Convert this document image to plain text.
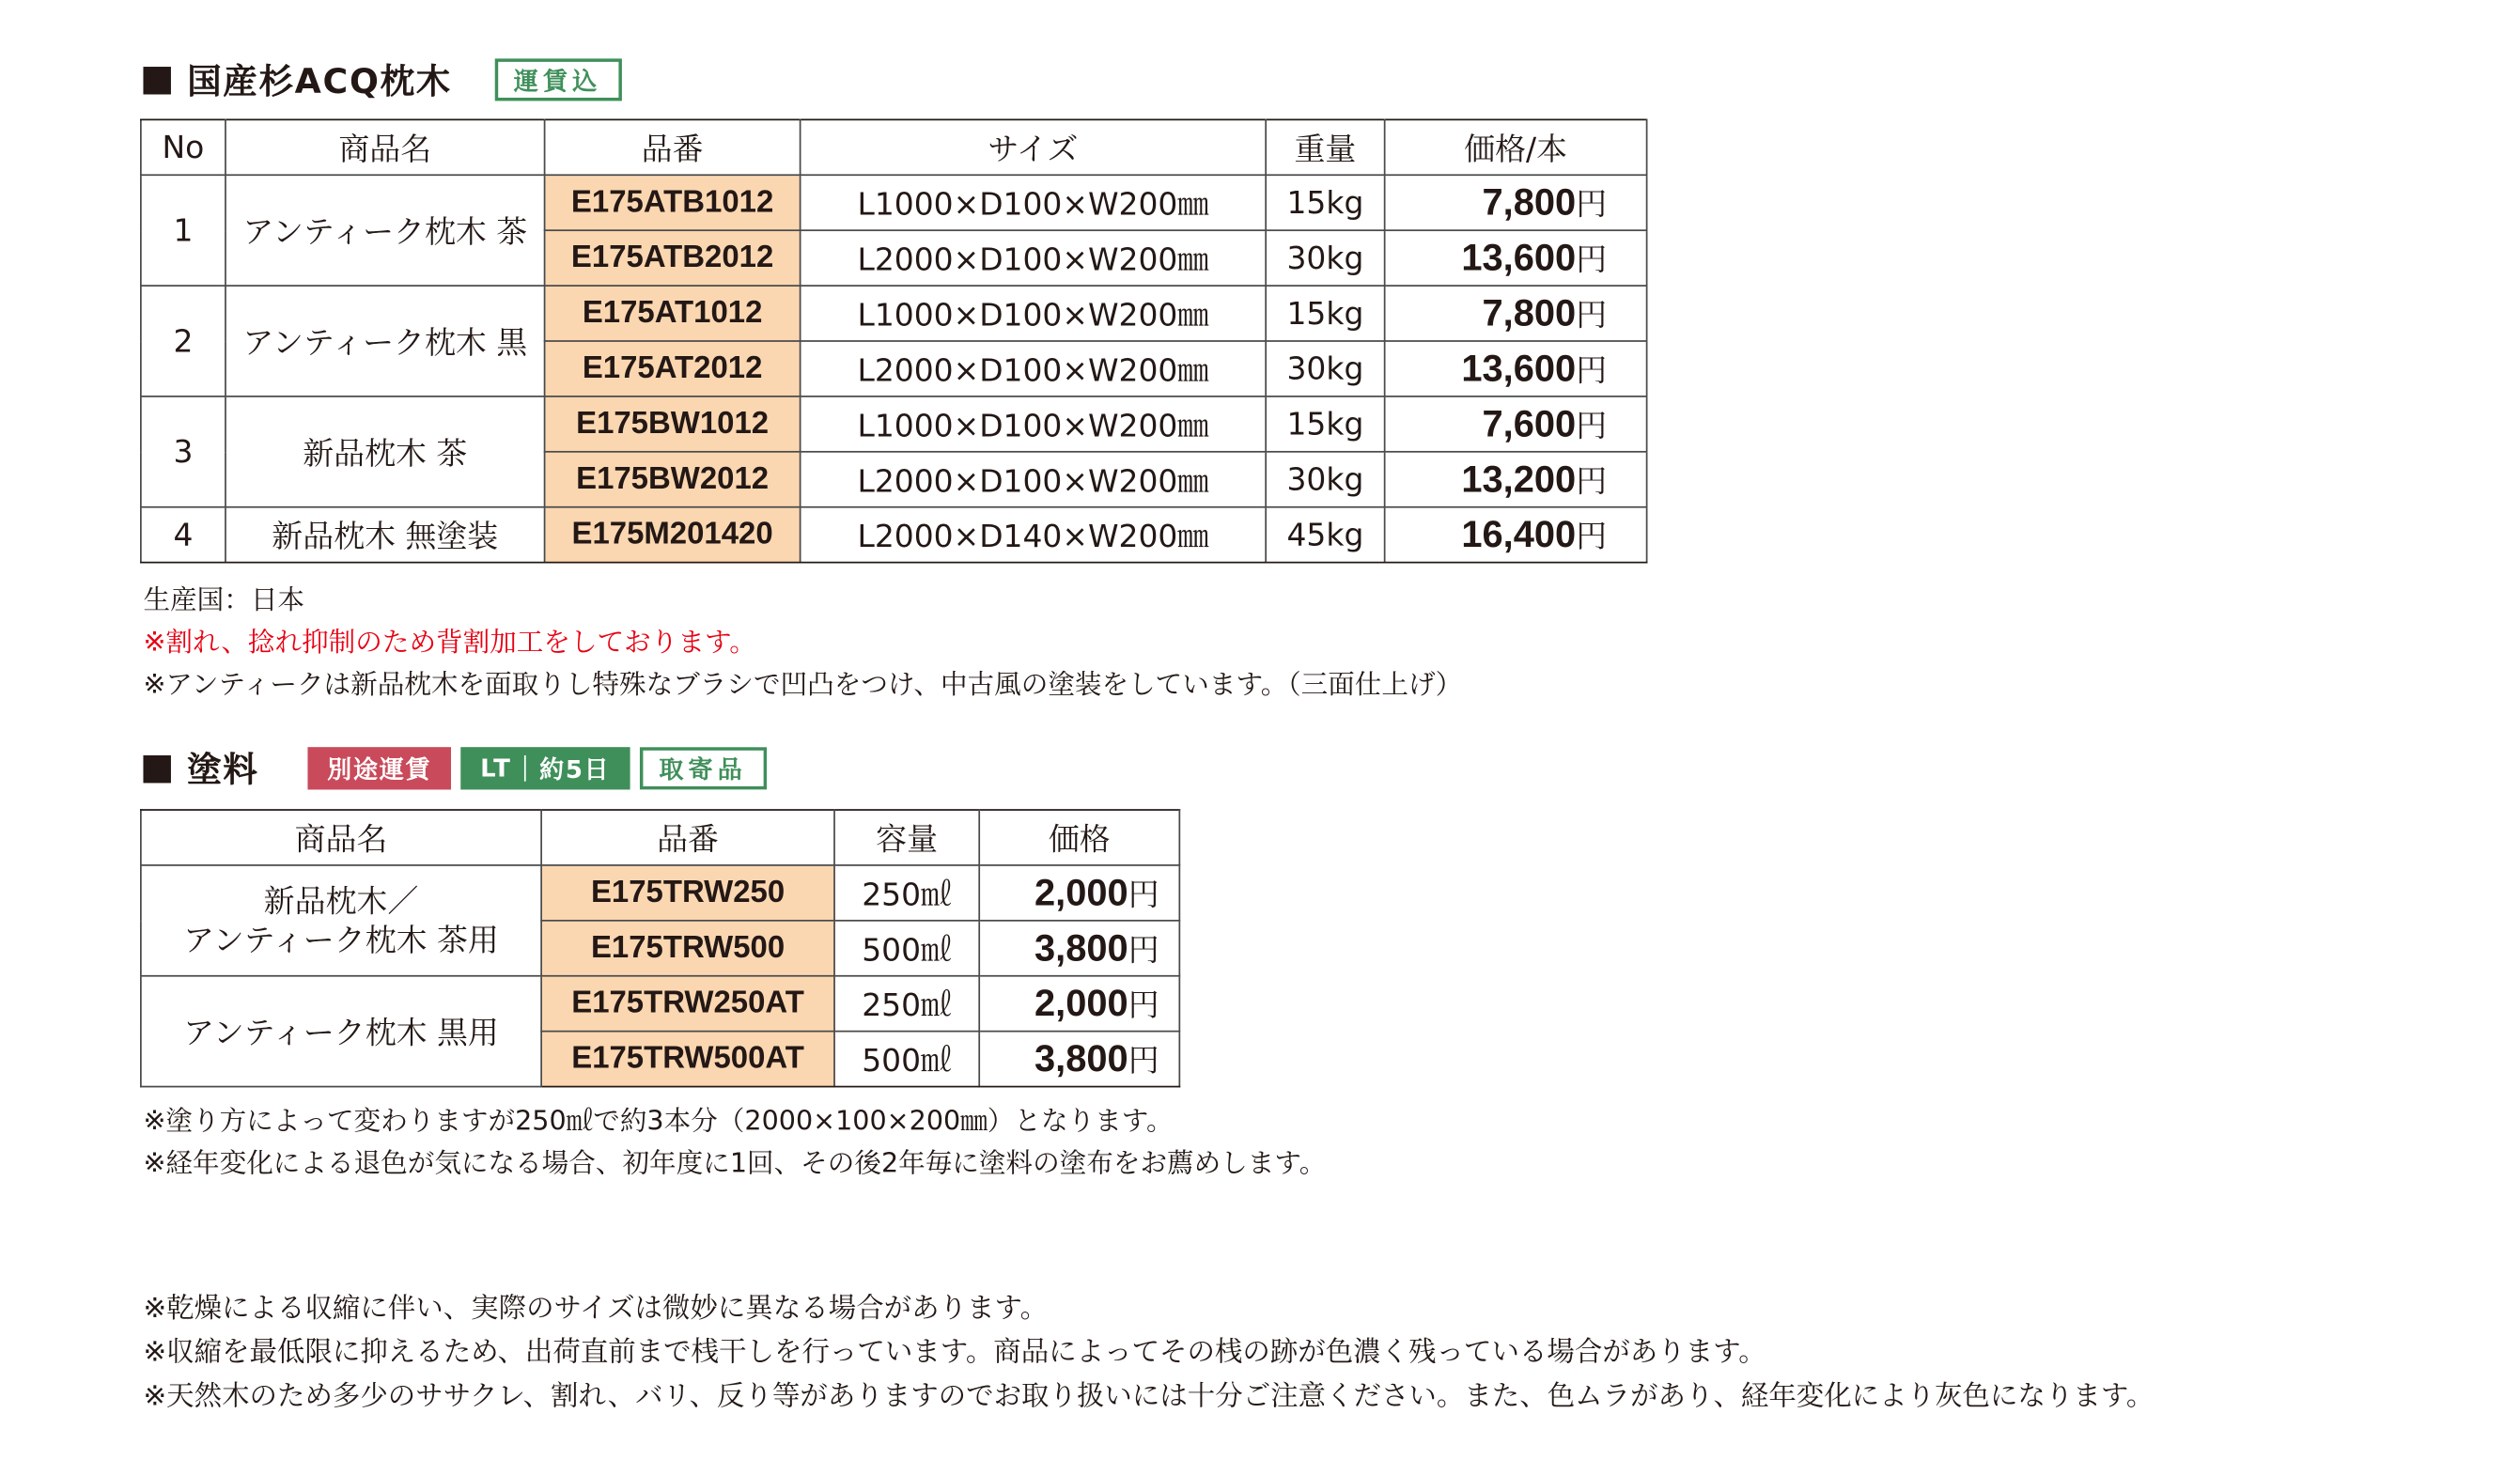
国産杉ACQ枕木	運賃込
No	商品名	品番	サイズ	重量	価格/本
1	アンティーク枕木 茶	E175ATB1012	L1000×D100×W200㎜	15kg	7,800円
		E175ATB2012	L2000×D100×W200㎜	30kg	13,600円
2	アンティーク枕木 黒	E175AT1012	L1000×D100×W200㎜	15kg	7,800円
		E175AT2012	L2000×D100×W200㎜	30kg	13,600円
3	新品枕木 茶	E175BW1012	L1000×D100×W200㎜	15kg	7,600円
		E175BW2012	L2000×D100×W200㎜	30kg	13,200円
4	新品枕木 無塗装	E175M201420	L2000×D140×W200㎜	45kg	16,400円
生産国：日本
※割れ、捻れ抑制のため背割加工をしております。
※アンティークは新品枕木を面取りし特殊なブラシで凹凸をつけ、中古風の塗装をしています。（三面仕上げ）
塗料	別途運賃	LT 約5日	取寄品
商品名	品番	容量	価格

新品枕木／
アンティーク枕木 茶用	E175TRW250	250㎖	2,000円
	E175TRW500	500㎖	3,800円
アンティーク枕木 黒用	E175TRW250AT	250㎖	2,000円
	E175TRW500AT	500㎖	3,800円
※塗り方によって変わりますが250㎖で約3本分（2000×100×200㎜）となります。
※経年変化による退色が気になる場合、初年度に1回、その後2年毎に塗料の塗布をお薦めします。
※乾燥による収縮に伴い、実際のサイズは微妙に異なる場合があります。
※収縮を最低限に抑えるため、出荷直前まで桟干しを行っています。商品によってその桟の跡が色濃く残っている場合があります。
※天然木のため多少のササクレ、割れ、バリ、反り等がありますのでお取り扱いには十分ご注意ください。また、色ムラがあり、経年変化により灰色になります。
